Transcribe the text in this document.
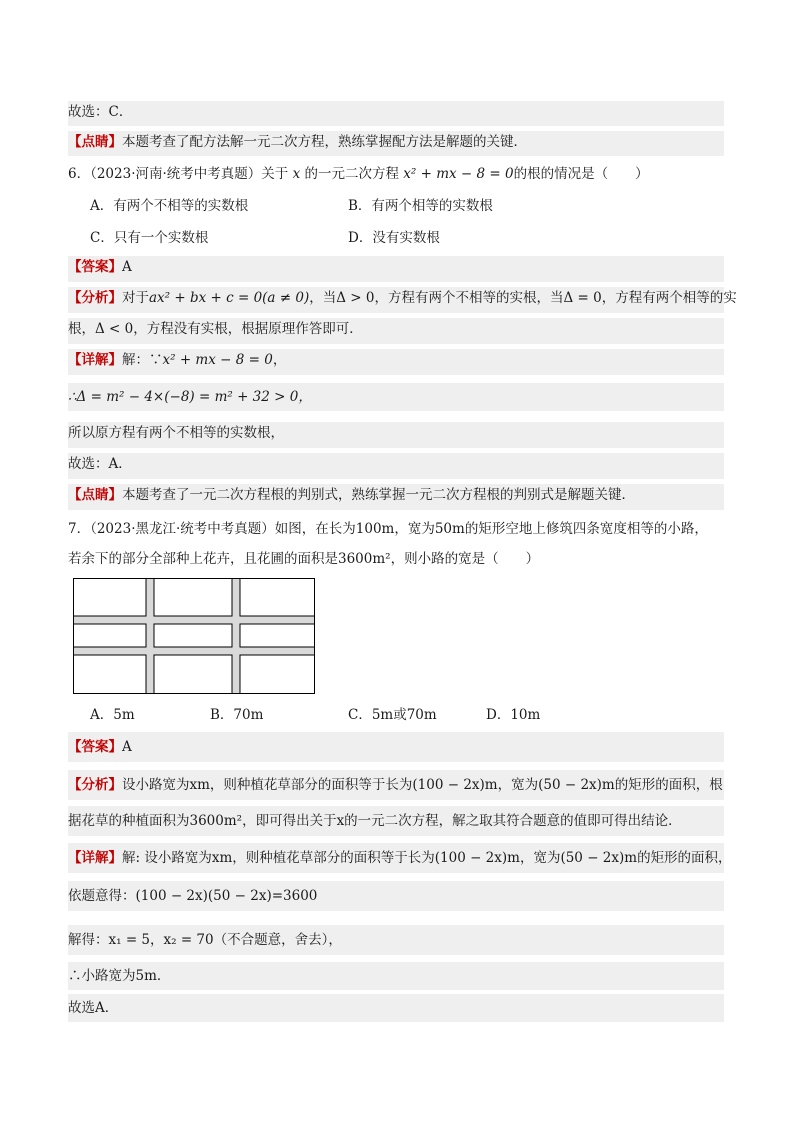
故选：C．
【点睛】本题考查了配方法解一元二次方程，熟练掌握配方法是解题的关键．
6．（2023·河南·统考中考真题）关于 x 的一元二次方程 x² + mx − 8 = 0的根的情况是（　　）
A．有两个不相等的实数根	B．有两个相等的实数根
C．只有一个实数根	D．没有实数根
【答案】A
【分析】对于ax² + bx + c = 0(a ≠ 0)，当Δ > 0，方程有两个不相等的实根，当Δ = 0，方程有两个相等的实
根，Δ < 0，方程没有实根，根据原理作答即可．
【详解】解：∵x² + mx − 8 = 0，
∴Δ = m² − 4×(−8) = m² + 32 > 0，
所以原方程有两个不相等的实数根，
故选：A．
【点睛】本题考查了一元二次方程根的判别式，熟练掌握一元二次方程根的判别式是解题关键．
7．（2023·黑龙江·统考中考真题）如图，在长为100m，宽为50m的矩形空地上修筑四条宽度相等的小路，
若余下的部分全部种上花卉，且花圃的面积是3600m²，则小路的宽是（　　）
A．5m	B．70m	C．5m或70m	D．10m
【答案】A
【分析】设小路宽为xm，则种植花草部分的面积等于长为(100 − 2x)m，宽为(50 − 2x)m的矩形的面积，根
据花草的种植面积为3600m²，即可得出关于x的一元二次方程，解之取其符合题意的值即可得出结论．
【详解】解: 设小路宽为xm，则种植花草部分的面积等于长为(100 − 2x)m，宽为(50 − 2x)m的矩形的面积，
依题意得：(100 − 2x)(50 − 2x)=3600
解得：x₁ = 5，x₂ = 70（不合题意，舍去），
∴小路宽为5m．
故选A．
